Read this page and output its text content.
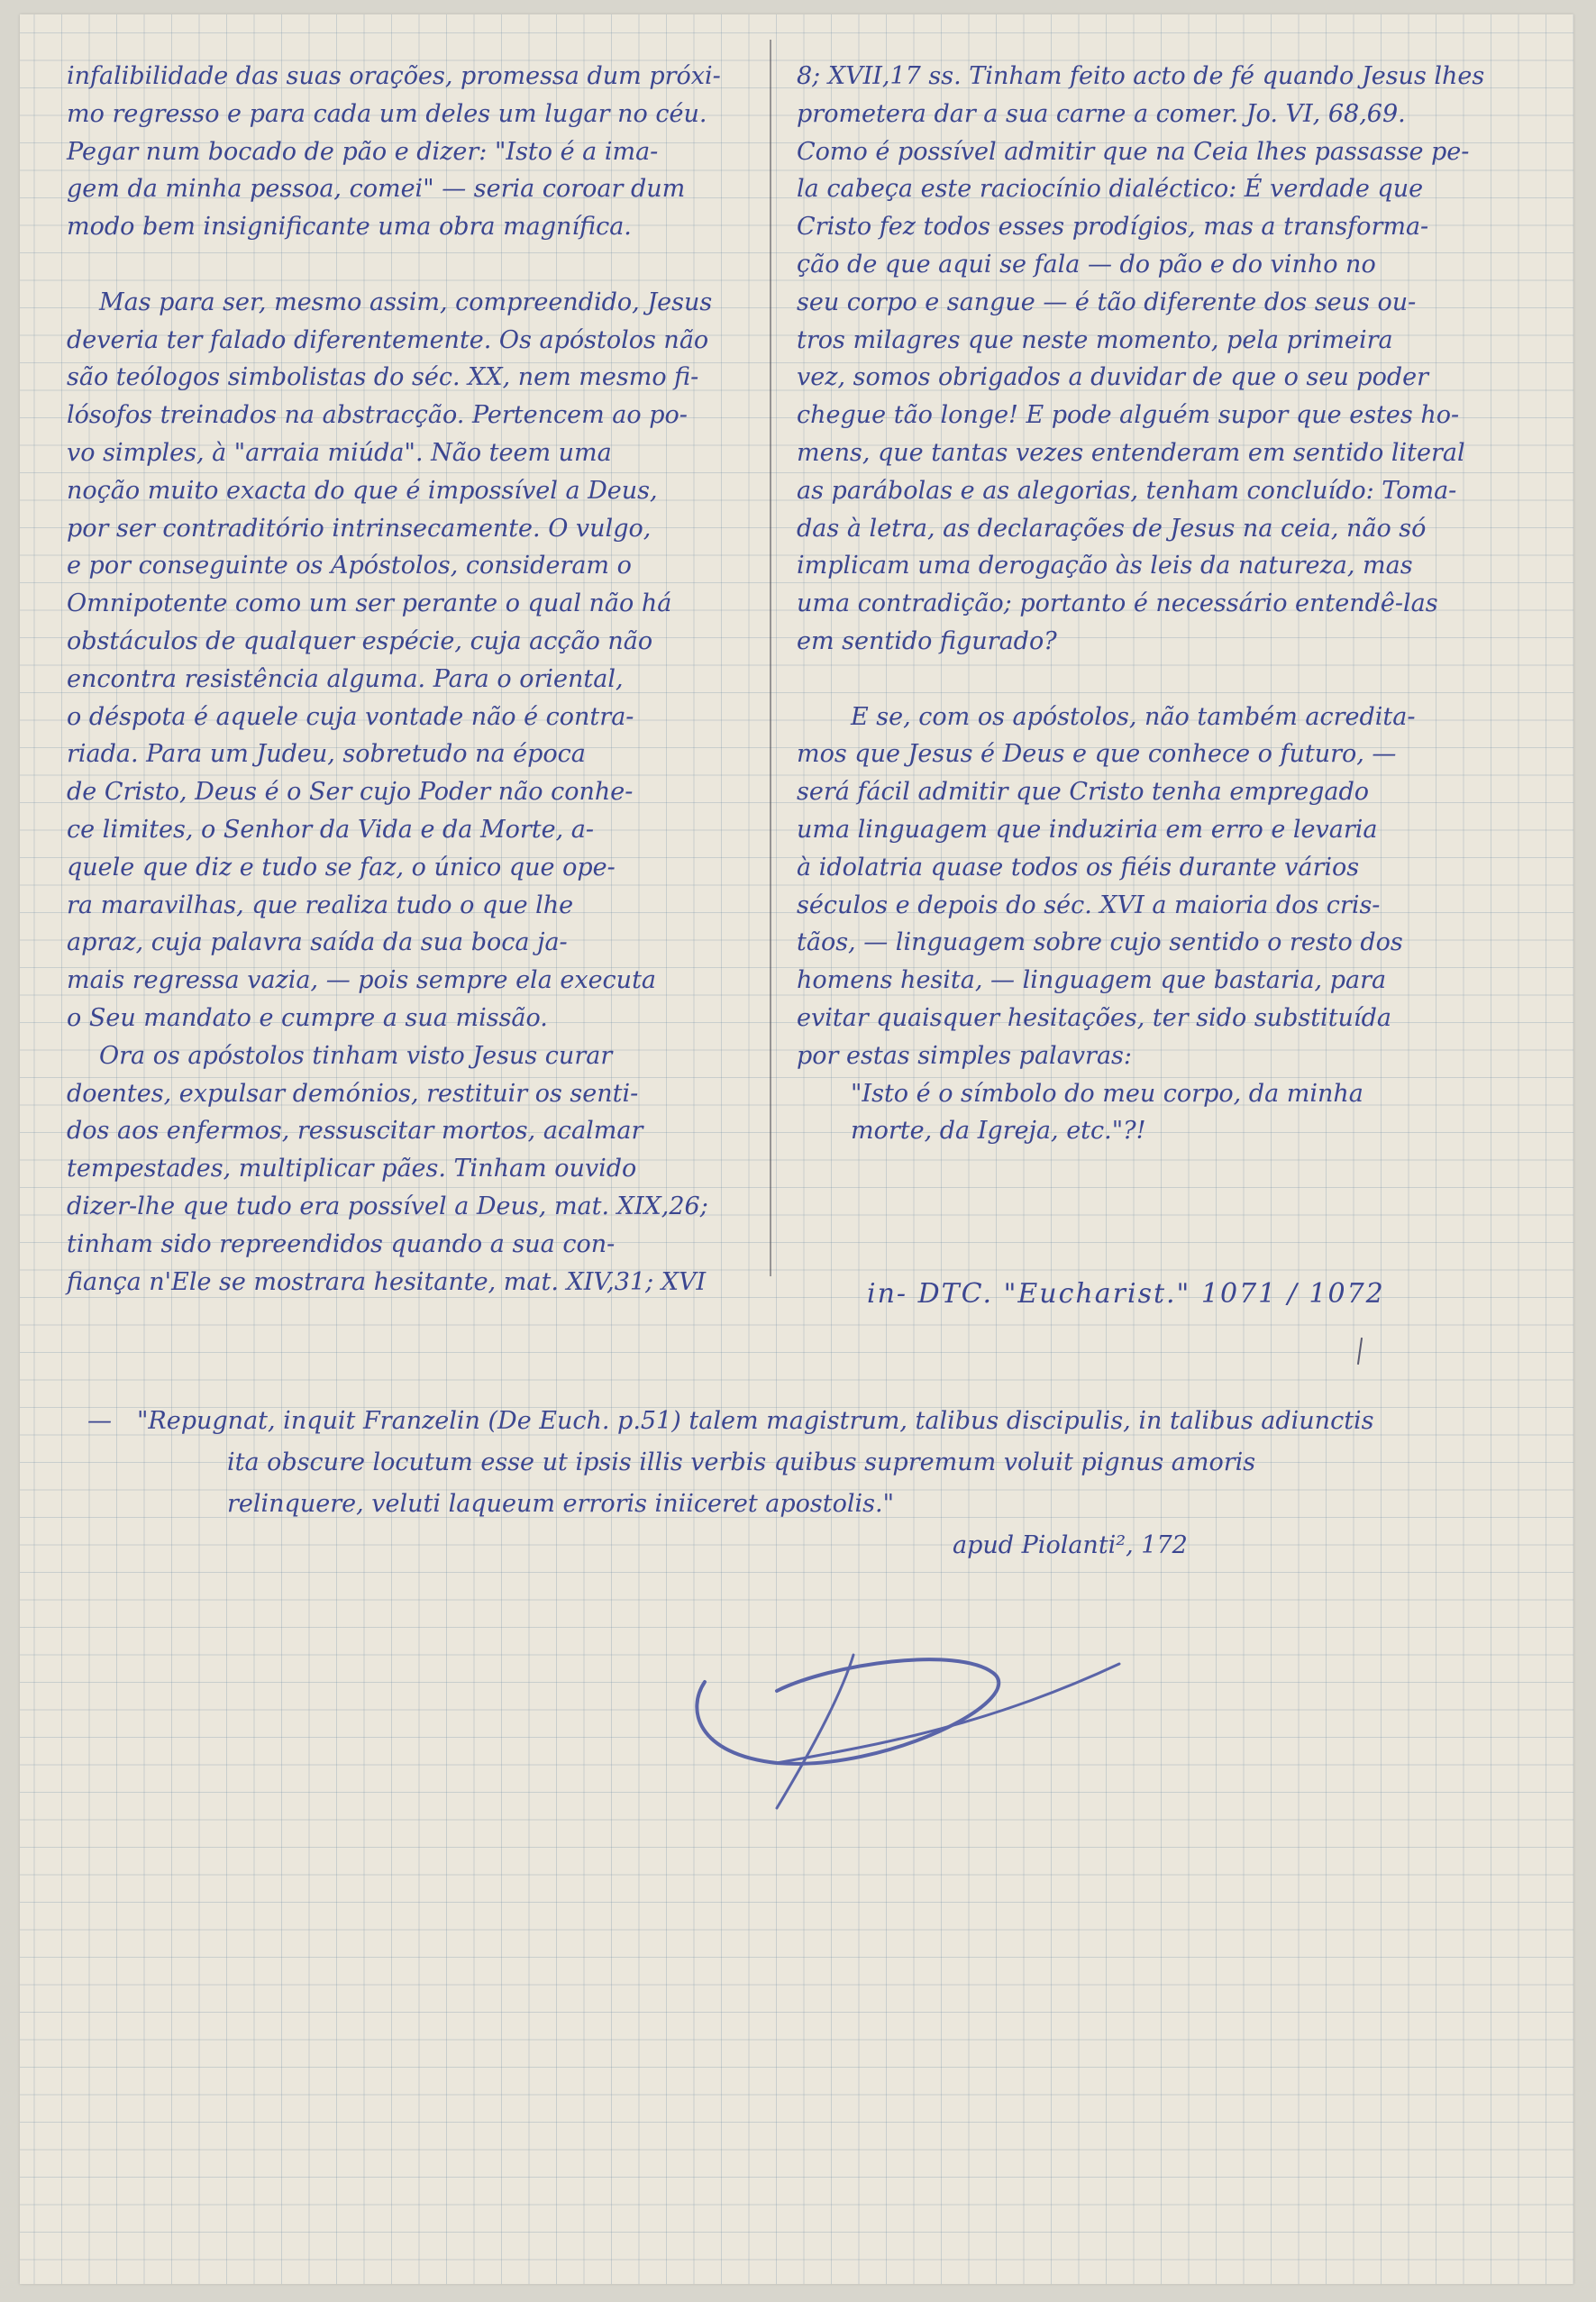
infalibilidade das suas orações, promessa dum próxi-

mo regresso e para cada um deles um lugar no céu.

Pegar num bocado de pão e dizer: "Isto é a ima-

gem da minha pessoa, comei" — seria coroar dum

modo bem insignificante uma obra magnífica.

Mas para ser, mesmo assim, compreendido, Jesus

deveria ter falado diferentemente. Os apóstolos não

são teólogos simbolistas do séc. XX, nem mesmo fi-

lósofos treinados na abstracção. Pertencem ao po-

vo simples, à "arraia miúda". Não teem uma

noção muito exacta do que é impossível a Deus,

por ser contraditório intrinsecamente. O vulgo,

e por conseguinte os Apóstolos, consideram o

Omnipotente como um ser perante o qual não há

obstáculos de qualquer espécie, cuja acção não

encontra resistência alguma. Para o oriental,

o déspota é aquele cuja vontade não é contra-

riada. Para um Judeu, sobretudo na época

de Cristo, Deus é o Ser cujo Poder não conhe-

ce limites, o Senhor da Vida e da Morte, a-

quele que diz e tudo se faz, o único que ope-

ra maravilhas, que realiza tudo o que lhe

apraz, cuja palavra saída da sua boca ja-

mais regressa vazia, — pois sempre ela executa

o Seu mandato e cumpre a sua missão.

Ora os apóstolos tinham visto Jesus curar

doentes, expulsar demónios, restituir os senti-

dos aos enfermos, ressuscitar mortos, acalmar

tempestades, multiplicar pães. Tinham ouvido

dizer-lhe que tudo era possível a Deus, mat. XIX,26;

tinham sido repreendidos quando a sua con-

fiança n'Ele se mostrara hesitante, mat. XIV,31; XVI

8; XVII,17 ss. Tinham feito acto de fé quando Jesus lhes

prometera dar a sua carne a comer. Jo. VI, 68,69.

Como é possível admitir que na Ceia lhes passasse pe-

la cabeça este raciocínio dialéctico: É verdade que

Cristo fez todos esses prodígios, mas a transforma-

ção de que aqui se fala — do pão e do vinho no

seu corpo e sangue — é tão diferente dos seus ou-

tros milagres que neste momento, pela primeira

vez, somos obrigados a duvidar de que o seu poder

chegue tão longe! E pode alguém supor que estes ho-

mens, que tantas vezes entenderam em sentido literal

as parábolas e as alegorias, tenham concluído: Toma-

das à letra, as declarações de Jesus na ceia, não só

implicam uma derogação às leis da natureza, mas

uma contradição; portanto é necessário entendê-las

em sentido figurado?

E se, com os apóstolos, não também acredita-

mos que Jesus é Deus e que conhece o futuro, —

será fácil admitir que Cristo tenha empregado

uma linguagem que induziria em erro e levaria

à idolatria quase todos os fiéis durante vários

séculos e depois do séc. XVI a maioria dos cris-

tãos, — linguagem sobre cujo sentido o resto dos

homens hesita, — linguagem que bastaria, para

evitar quaisquer hesitações, ter sido substituída

por estas simples palavras:

"Isto é o símbolo do meu corpo, da minha

morte, da Igreja, etc."?!

in- DTC. "Eucharist." 1071 / 1072
—	"Repugnat, inquit Franzelin (De Euch. p.51) talem magistrum, talibus discipulis, in talibus adiunctis

ita obscure locutum esse ut ipsis illis verbis quibus supremum voluit pignus amoris

relinquere, veluti laqueum erroris iniiceret apostolis."

apud Piolanti², 172
